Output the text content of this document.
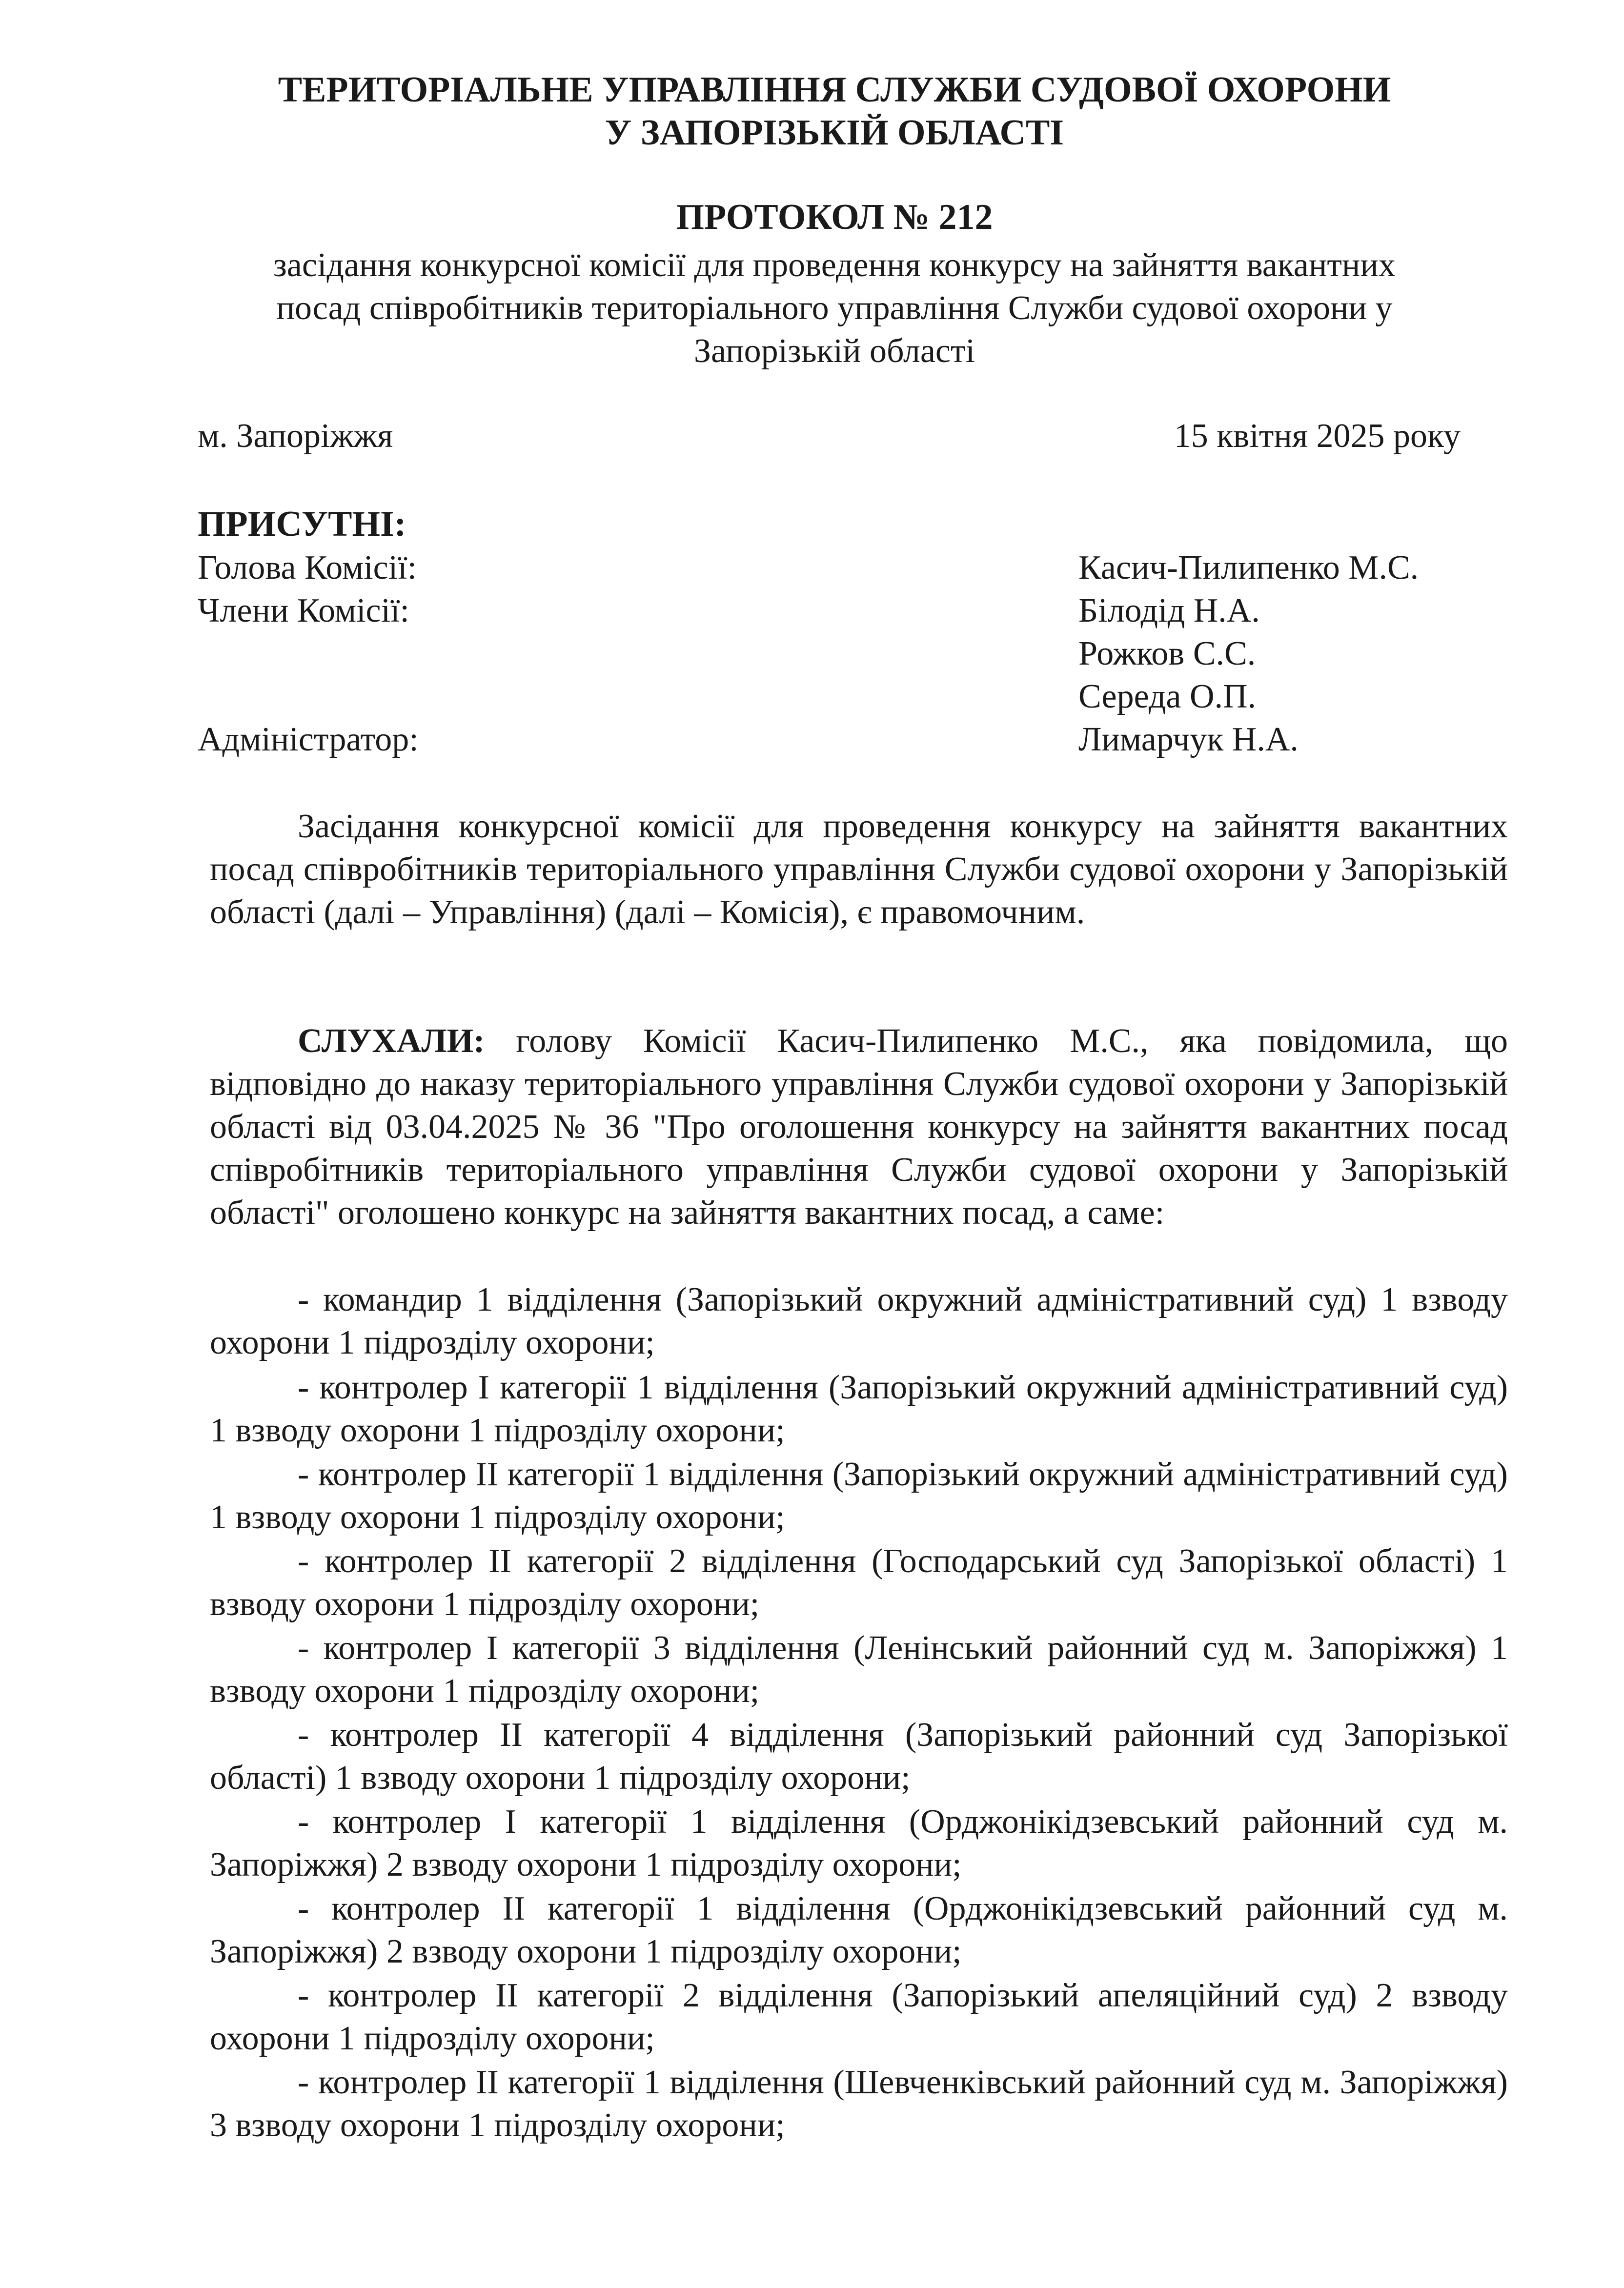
ТЕРИТОРІАЛЬНЕ УПРАВЛІННЯ СЛУЖБИ СУДОВОЇ ОХОРОНИ
У ЗАПОРІЗЬКІЙ ОБЛАСТІ
ПРОТОКОЛ № 212
засідання конкурсної комісії для проведення конкурсу на зайняття вакантних
посад співробітників територіального управління Служби судової охорони у
Запорізькій області
м. Запоріжжя	15 квітня 2025 року
ПРИСУТНІ:
Голова Комісії:	Касич-Пилипенко М.С.
Члени Комісії:	Білодід Н.А.
Рожков С.С.
Середа О.П.
Адміністратор:	Лимарчук Н.А.
Засідання конкурсної комісії для проведення конкурсу на зайняття вакантних посад співробітників територіального управління Служби судової охорони у Запорізькій області (далі – Управління) (далі – Комісія), є правомочним.
СЛУХАЛИ: голову Комісії Касич-Пилипенко М.С., яка повідомила, що відповідно до наказу територіального управління Служби судової охорони у Запорізькій області від 03.04.2025 № 36 "Про оголошення конкурсу на зайняття вакантних посад співробітників територіального управління Служби судової охорони у Запорізькій області" оголошено конкурс на зайняття вакантних посад, а саме:
- командир 1 відділення (Запорізький окружний адміністративний суд) 1 взводу охорони 1 підрозділу охорони;
- контролер I категорії 1 відділення (Запорізький окружний адміністративний суд) 1 взводу охорони 1 підрозділу охорони;
- контролер II категорії 1 відділення (Запорізький окружний адміністративний суд) 1 взводу охорони 1 підрозділу охорони;
- контролер II категорії 2 відділення (Господарський суд Запорізької області) 1 взводу охорони 1 підрозділу охорони;
- контролер I категорії 3 відділення (Ленінський районний суд м. Запоріжжя) 1 взводу охорони 1 підрозділу охорони;
- контролер II категорії 4 відділення (Запорізький районний суд Запорізької області) 1 взводу охорони 1 підрозділу охорони;
- контролер I категорії 1 відділення (Орджонікідзевський районний суд м. Запоріжжя) 2 взводу охорони 1 підрозділу охорони;
- контролер II категорії 1 відділення (Орджонікідзевський районний суд м. Запоріжжя) 2 взводу охорони 1 підрозділу охорони;
- контролер II категорії 2 відділення (Запорізький апеляційний суд) 2 взводу охорони 1 підрозділу охорони;
- контролер II категорії 1 відділення (Шевченківський районний суд м. Запоріжжя) 3 взводу охорони 1 підрозділу охорони;
